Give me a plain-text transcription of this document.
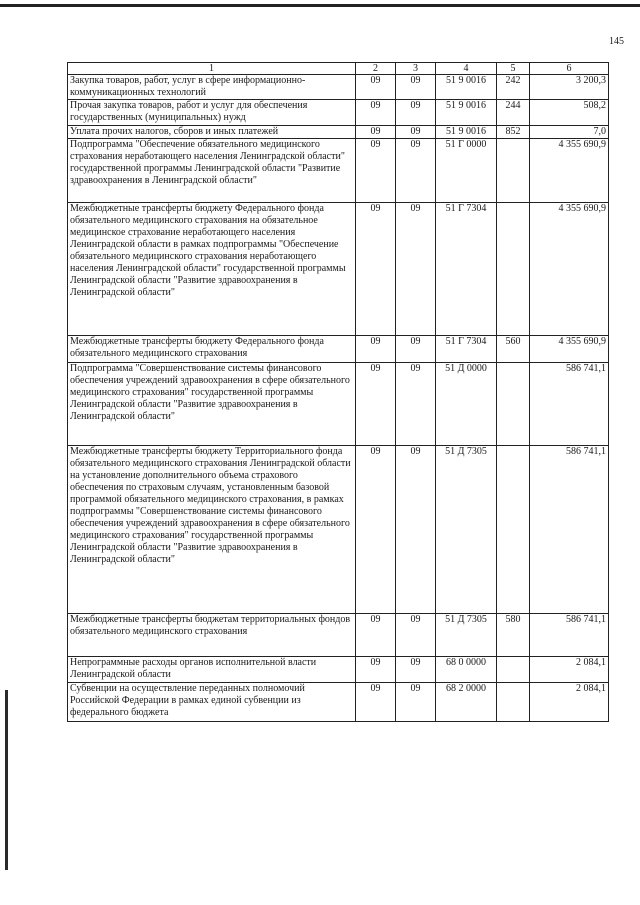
145
1	2	3	4	5	6
Закупка товаров, работ, услуг в сфере информационно-коммуникационных технологий	09	09	51 9 0016	242	3 200,3
Прочая закупка товаров, работ и услуг для обеспечения государственных (муниципальных) нужд	09	09	51 9 0016	244	508,2
Уплата прочих налогов, сборов и иных платежей	09	09	51 9 0016	852	7,0
Подпрограмма "Обеспечение обязательного медицинского страхования неработающего населения Ленинградской области" государственной программы Ленинградской области "Развитие здравоохранения в Ленинградской области"	09	09	51 Г 0000		4 355 690,9
Межбюджетные трансферты бюджету Федерального фонда обязательного медицинского страхования на обязательное медицинское страхование неработающего населения Ленинградской области в рамках подпрограммы "Обеспечение обязательного медицинского страхования неработающего населения Ленинградской области" государственной программы Ленинградской области "Развитие здравоохранения в Ленинградской области"	09	09	51 Г 7304		4 355 690,9
Межбюджетные трансферты бюджету Федерального фонда обязательного медицинского страхования	09	09	51 Г 7304	560	4 355 690,9
Подпрограмма "Совершенствование системы финансового обеспечения учреждений здравоохранения в сфере обязательного медицинского страхования" государственной программы Ленинградской области "Развитие здравоохранения в Ленинградской области"	09	09	51 Д 0000		586 741,1
Межбюджетные трансферты бюджету Территориального фонда обязательного медицинского страхования Ленинградской области на установление дополнительного объема страхового обеспечения по страховым случаям, установленным базовой программой обязательного медицинского страхования, в рамках подпрограммы "Совершенствование системы финансового обеспечения учреждений здравоохранения в сфере обязательного медицинского страхования" государственной программы Ленинградской области "Развитие здравоохранения в Ленинградской области"	09	09	51 Д 7305		586 741,1
Межбюджетные трансферты бюджетам территориальных фондов обязательного медицинского страхования	09	09	51 Д 7305	580	586 741,1
Непрограммные расходы органов исполнительной власти Ленинградской области	09	09	68 0 0000		2 084,1
Субвенции на осуществление переданных полномочий Российской Федерации в рамках единой субвенции из федерального бюджета	09	09	68 2 0000		2 084,1
